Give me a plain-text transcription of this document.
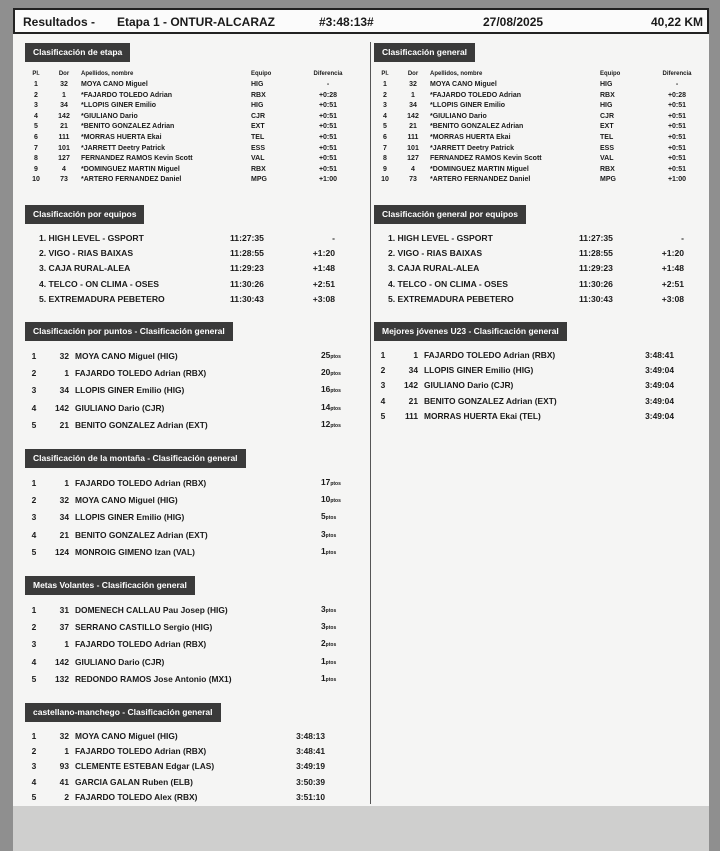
Resultados - Etapa 1 - ONTUR-ALCARAZ	#3:48:13#	27/08/2025	40,22 KM
Clasificación de etapa
Pl.	Dor	Apellidos, nombre	Equipo	Diferencia
1	32	MOYA CANO Miguel	HIG	-
2	1	*FAJARDO TOLEDO Adrian	RBX	+0:28
3	34	*LLOPIS GINER Emilio	HIG	+0:51
4	142	*GIULIANO Dario	CJR	+0:51
5	21	*BENITO GONZALEZ Adrian	EXT	+0:51
6	111	*MORRAS HUERTA Ekai	TEL	+0:51
7	101	*JARRETT Deetry Patrick	ESS	+0:51
8	127	FERNANDEZ RAMOS Kevin Scott	VAL	+0:51
9	4	*DOMINGUEZ MARTIN Miguel	RBX	+0:51
10	73	*ARTERO FERNANDEZ Daniel	MPG	+1:00
Clasificación por equipos
1. HIGH LEVEL - GSPORT	11:27:35	-
2. VIGO - RIAS BAIXAS	11:28:55	+1:20
3. CAJA RURAL-ALEA	11:29:23	+1:48
4. TELCO - ON CLIMA - OSES	11:30:26	+2:51
5. EXTREMADURA PEBETERO	11:30:43	+3:08
Clasificación por puntos - Clasificación general
1	32	MOYA CANO Miguel (HIG)	25ptos
2	1	FAJARDO TOLEDO Adrian (RBX)	20ptos
3	34	LLOPIS GINER Emilio (HIG)	16ptos
4	142	GIULIANO Dario (CJR)	14ptos
5	21	BENITO GONZALEZ Adrian (EXT)	12ptos
Clasificación de la montaña - Clasificación general
1	1	FAJARDO TOLEDO Adrian (RBX)	17ptos
2	32	MOYA CANO Miguel (HIG)	10ptos
3	34	LLOPIS GINER Emilio (HIG)	5ptos
4	21	BENITO GONZALEZ Adrian (EXT)	3ptos
5	124	MONROIG GIMENO Izan (VAL)	1ptos
Metas Volantes - Clasificación general
1	31	DOMENECH CALLAU Pau Josep (HIG)	3ptos
2	37	SERRANO CASTILLO Sergio (HIG)	3ptos
3	1	FAJARDO TOLEDO Adrian (RBX)	2ptos
4	142	GIULIANO Dario (CJR)	1ptos
5	132	REDONDO RAMOS Jose Antonio (MX1)	1ptos
castellano-manchego - Clasificación general
1	32	MOYA CANO Miguel (HIG)	3:48:13
2	1	FAJARDO TOLEDO Adrian (RBX)	3:48:41
3	93	CLEMENTE ESTEBAN Edgar (LAS)	3:49:19
4	41	GARCIA GALAN Ruben (ELB)	3:50:39
5	2	FAJARDO TOLEDO Alex (RBX)	3:51:10
Clasificación general
Pl.	Dor	Apellidos, nombre	Equipo	Diferencia
1	32	MOYA CANO Miguel	HIG	-
2	1	*FAJARDO TOLEDO Adrian	RBX	+0:28
3	34	*LLOPIS GINER Emilio	HIG	+0:51
4	142	*GIULIANO Dario	CJR	+0:51
5	21	*BENITO GONZALEZ Adrian	EXT	+0:51
6	111	*MORRAS HUERTA Ekai	TEL	+0:51
7	101	*JARRETT Deetry Patrick	ESS	+0:51
8	127	FERNANDEZ RAMOS Kevin Scott	VAL	+0:51
9	4	*DOMINGUEZ MARTIN Miguel	RBX	+0:51
10	73	*ARTERO FERNANDEZ Daniel	MPG	+1:00
Clasificación general por equipos
1. HIGH LEVEL - GSPORT	11:27:35	-
2. VIGO - RIAS BAIXAS	11:28:55	+1:20
3. CAJA RURAL-ALEA	11:29:23	+1:48
4. TELCO - ON CLIMA - OSES	11:30:26	+2:51
5. EXTREMADURA PEBETERO	11:30:43	+3:08
Mejores jóvenes U23 - Clasificación general
1	1	FAJARDO TOLEDO Adrian (RBX)	3:48:41
2	34	LLOPIS GINER Emilio (HIG)	3:49:04
3	142	GIULIANO Dario (CJR)	3:49:04
4	21	BENITO GONZALEZ Adrian (EXT)	3:49:04
5	111	MORRAS HUERTA Ekai (TEL)	3:49:04
